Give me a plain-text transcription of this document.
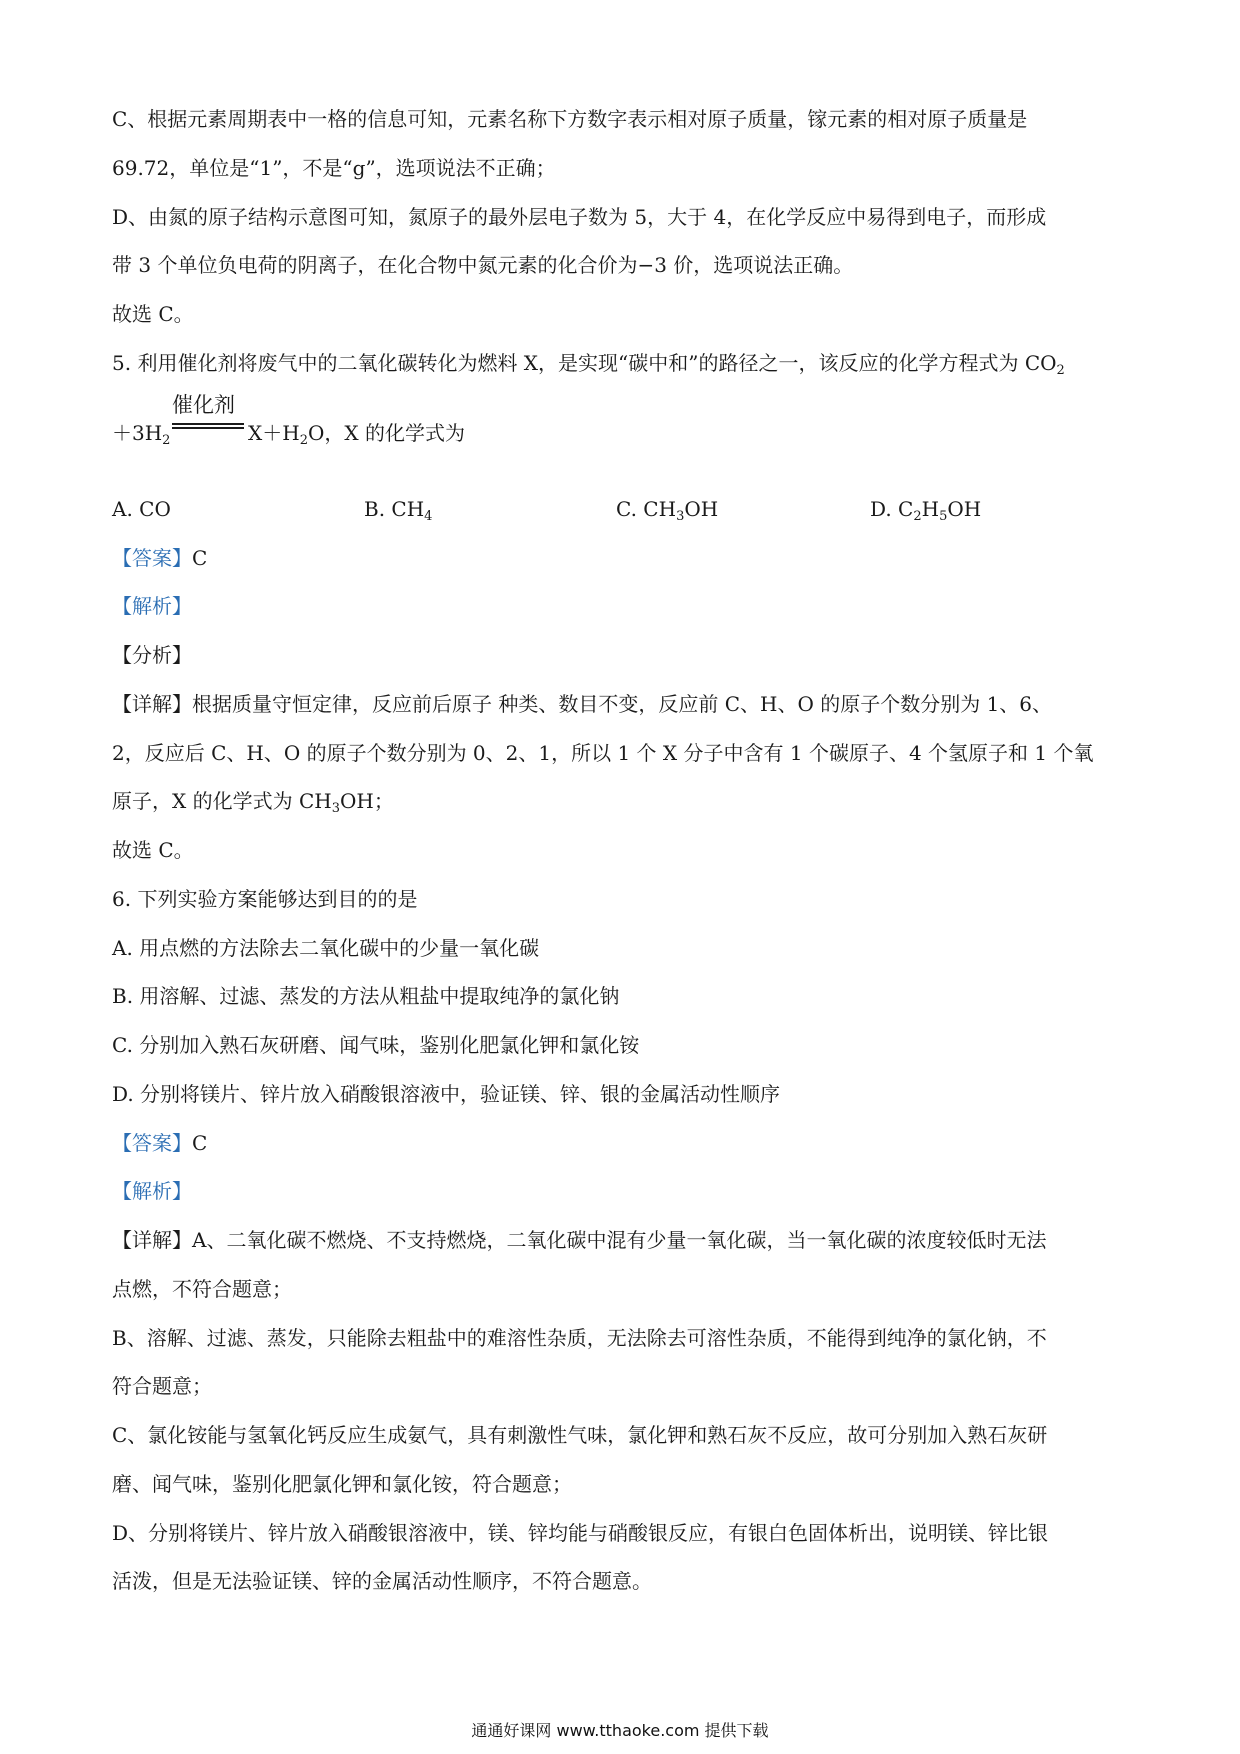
C、根据元素周期表中一格的信息可知，元素名称下方数字表示相对原子质量，镓元素的相对原子质量是
69.72，单位是“1”，不是“g”，选项说法不正确；
D、由氮的原子结构示意图可知，氮原子的最外层电子数为 5，大于 4，在化学反应中易得到电子，而形成
带 3 个单位负电荷的阴离子，在化合物中氮元素的化合价为−3 价，选项说法正确。
故选 C。
5. 利用催化剂将废气中的二氧化碳转化为燃料 X，是实现“碳中和”的路径之一，该反应的化学方程式为 $CO_2$
$+3H_2$
催化剂
$X+H_2O$，X 的化学式为
A. CO	B. $CH_4$	C. $CH_3OH$	D. $C_2H_5OH$
【答案】C
【解析】
【分析】
【详解】根据质量守恒定律，反应前后原子 种类、数目不变，反应前 C、H、O 的原子个数分别为 1、6、
2，反应后 C、H、O 的原子个数分别为 0、2、1，所以 1 个 X 分子中含有 1 个碳原子、4 个氢原子和 1 个氧
原子，X 的化学式为 $CH_3OH$；
故选 C。
6. 下列实验方案能够达到目的的是
A. 用点燃的方法除去二氧化碳中的少量一氧化碳
B. 用溶解、过滤、蒸发的方法从粗盐中提取纯净的氯化钠
C. 分别加入熟石灰研磨、闻气味，鉴别化肥氯化钾和氯化铵
D. 分别将镁片、锌片放入硝酸银溶液中，验证镁、锌、银的金属活动性顺序
【答案】C
【解析】
【详解】A、二氧化碳不燃烧、不支持燃烧，二氧化碳中混有少量一氧化碳，当一氧化碳的浓度较低时无法
点燃，不符合题意；
B、溶解、过滤、蒸发，只能除去粗盐中的难溶性杂质，无法除去可溶性杂质，不能得到纯净的氯化钠，不
符合题意；
C、氯化铵能与氢氧化钙反应生成氨气，具有刺激性气味，氯化钾和熟石灰不反应，故可分别加入熟石灰研
磨、闻气味，鉴别化肥氯化钾和氯化铵，符合题意；
D、分别将镁片、锌片放入硝酸银溶液中，镁、锌均能与硝酸银反应，有银白色固体析出，说明镁、锌比银
活泼，但是无法验证镁、锌的金属活动性顺序，不符合题意。
通通好课网 www.tthaoke.com 提供下载
